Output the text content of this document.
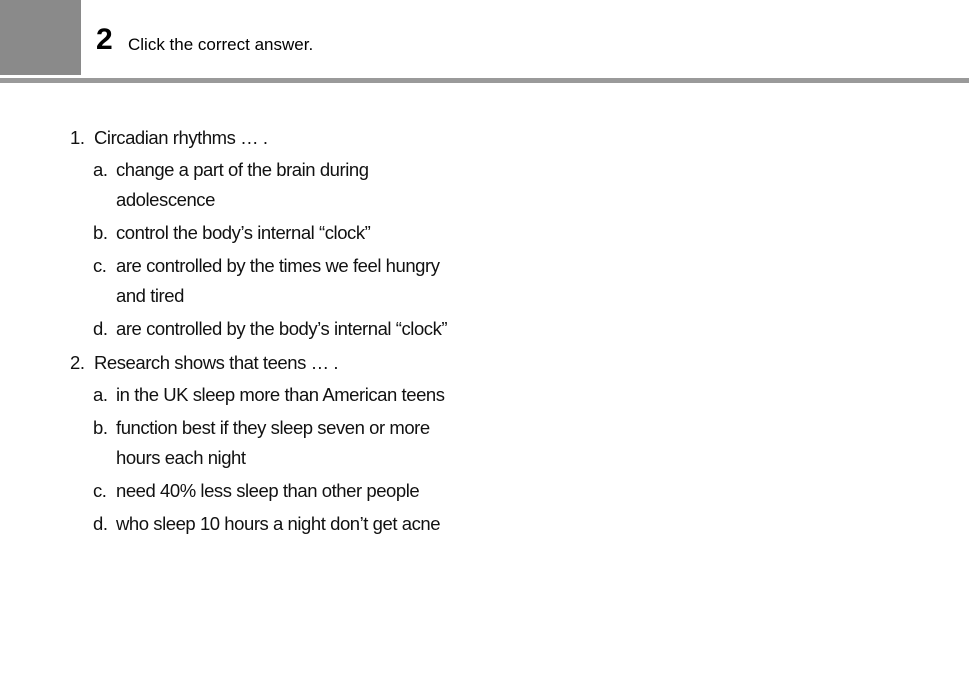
2 Click the correct answer.
1. Circadian rhythms … .
a. change a part of the brain during adolescence
b. control the body’s internal “clock”
c. are controlled by the times we feel hungry and tired
d. are controlled by the body’s internal “clock”
2. Research shows that teens … .
a. in the UK sleep more than American teens
b. function best if they sleep seven or more hours each night
c. need 40% less sleep than other people
d. who sleep 10 hours a night don’t get acne
